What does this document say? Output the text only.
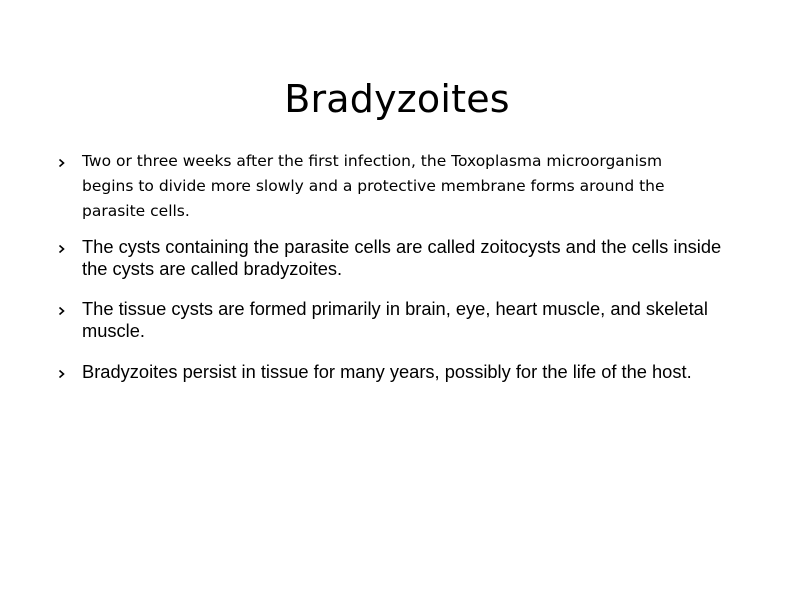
Bradyzoites
Two or three weeks after the first infection, the Toxoplasma microorganism begins to divide more slowly and a protective membrane forms around the parasite cells.
The cysts containing the parasite cells are called zoitocysts and the cells inside the cysts are called bradyzoites.
The tissue cysts are formed primarily in brain, eye, heart muscle, and skeletal muscle.
Bradyzoites persist in tissue for many years, possibly for the life of the host.
